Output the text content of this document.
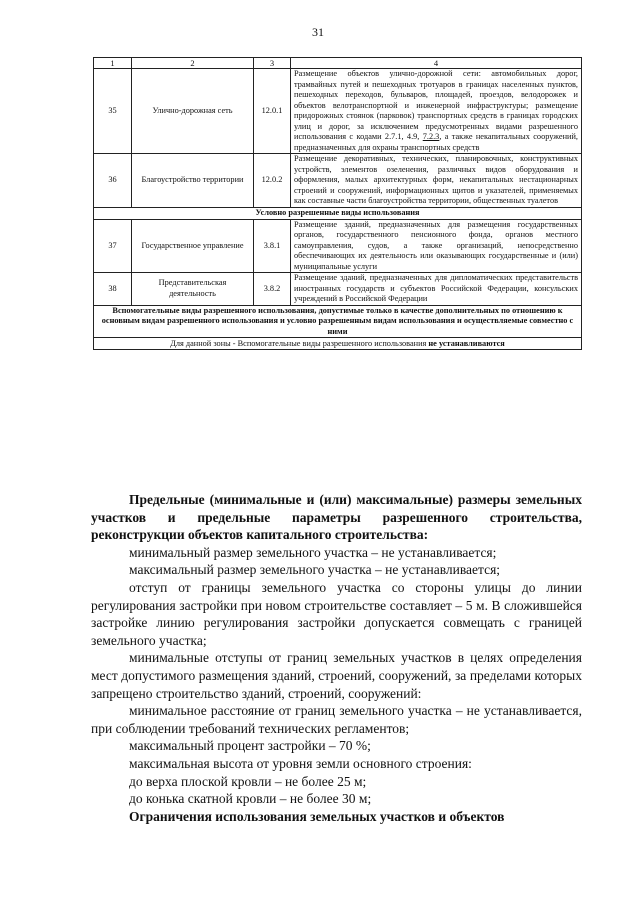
31
1	2	3	4
35	Улично-дорожная сеть	12.0.1	Размещение объектов улично-дорожной сети: автомобильных дорог, трамвайных путей и пешеходных тротуаров в границах населенных пунктов, пешеходных переходов, бульваров, площадей, проездов, велодорожек и объектов велотранспортной и инженерной инфраструктуры; размещение придорожных стоянок (парковок) транспортных средств в границах городских улиц и дорог, за исключением предусмотренных видами разрешенного использования с кодами 2.7.1, 4.9, 7.2.3, а также некапитальных сооружений, предназначенных для охраны транспортных средств
36	Благоустройство территории	12.0.2	Размещение декоративных, технических, планировочных, конструктивных устройств, элементов озеленения, различных видов оборудования и оформления, малых архитектурных форм, некапитальных нестационарных строений и сооружений, информационных щитов и указателей, применяемых как составные части благоустройства территории, общественных туалетов
Условно разрешенные виды использования			
37	Государственное управление	3.8.1	Размещение зданий, предназначенных для размещения государственных органов, государственного пенсионного фонда, органов местного самоуправления, судов, а также организаций, непосредственно обеспечивающих их деятельность или оказывающих государственные и (или) муниципальные услуги
38	Представительская деятельность	3.8.2	Размещение зданий, предназначенных для дипломатических представительств иностранных государств и субъектов Российской Федерации, консульских учреждений в Российской Федерации
Вспомогательные виды разрешенного использования, допустимые только в качестве дополнительных по отношению к основным видам разрешенного использования и условно разрешенным видам использования и осуществляемые совместно с ними			
Для данной зоны - Вспомогательные виды разрешенного использования не устанавливаются			

Предельные (минимальные и (или) максимальные) размеры земельных участков и предельные параметры разрешенного строительства, реконструкции объектов капитального строительства:

минимальный размер земельного участка – не устанавливается;

максимальный размер земельного участка – не устанавливается;

отступ от границы земельного участка со стороны улицы до линии регулирования застройки при новом строительстве составляет – 5 м. В сложившейся застройке линию регулирования застройки допускается совмещать с границей земельного участка;

минимальные отступы от границ земельных участков в целях определения мест допустимого размещения зданий, строений, сооружений, за пределами которых запрещено строительство зданий, строений, сооружений:

минимальное расстояние от границ земельного участка – не устанавливается, при соблюдении требований технических регламентов;

максимальный процент застройки – 70 %;

максимальная высота от уровня земли основного строения:

до верха плоской кровли – не более 25 м;

до конька скатной кровли – не более 30 м;

Ограничения использования земельных участков и объектов
